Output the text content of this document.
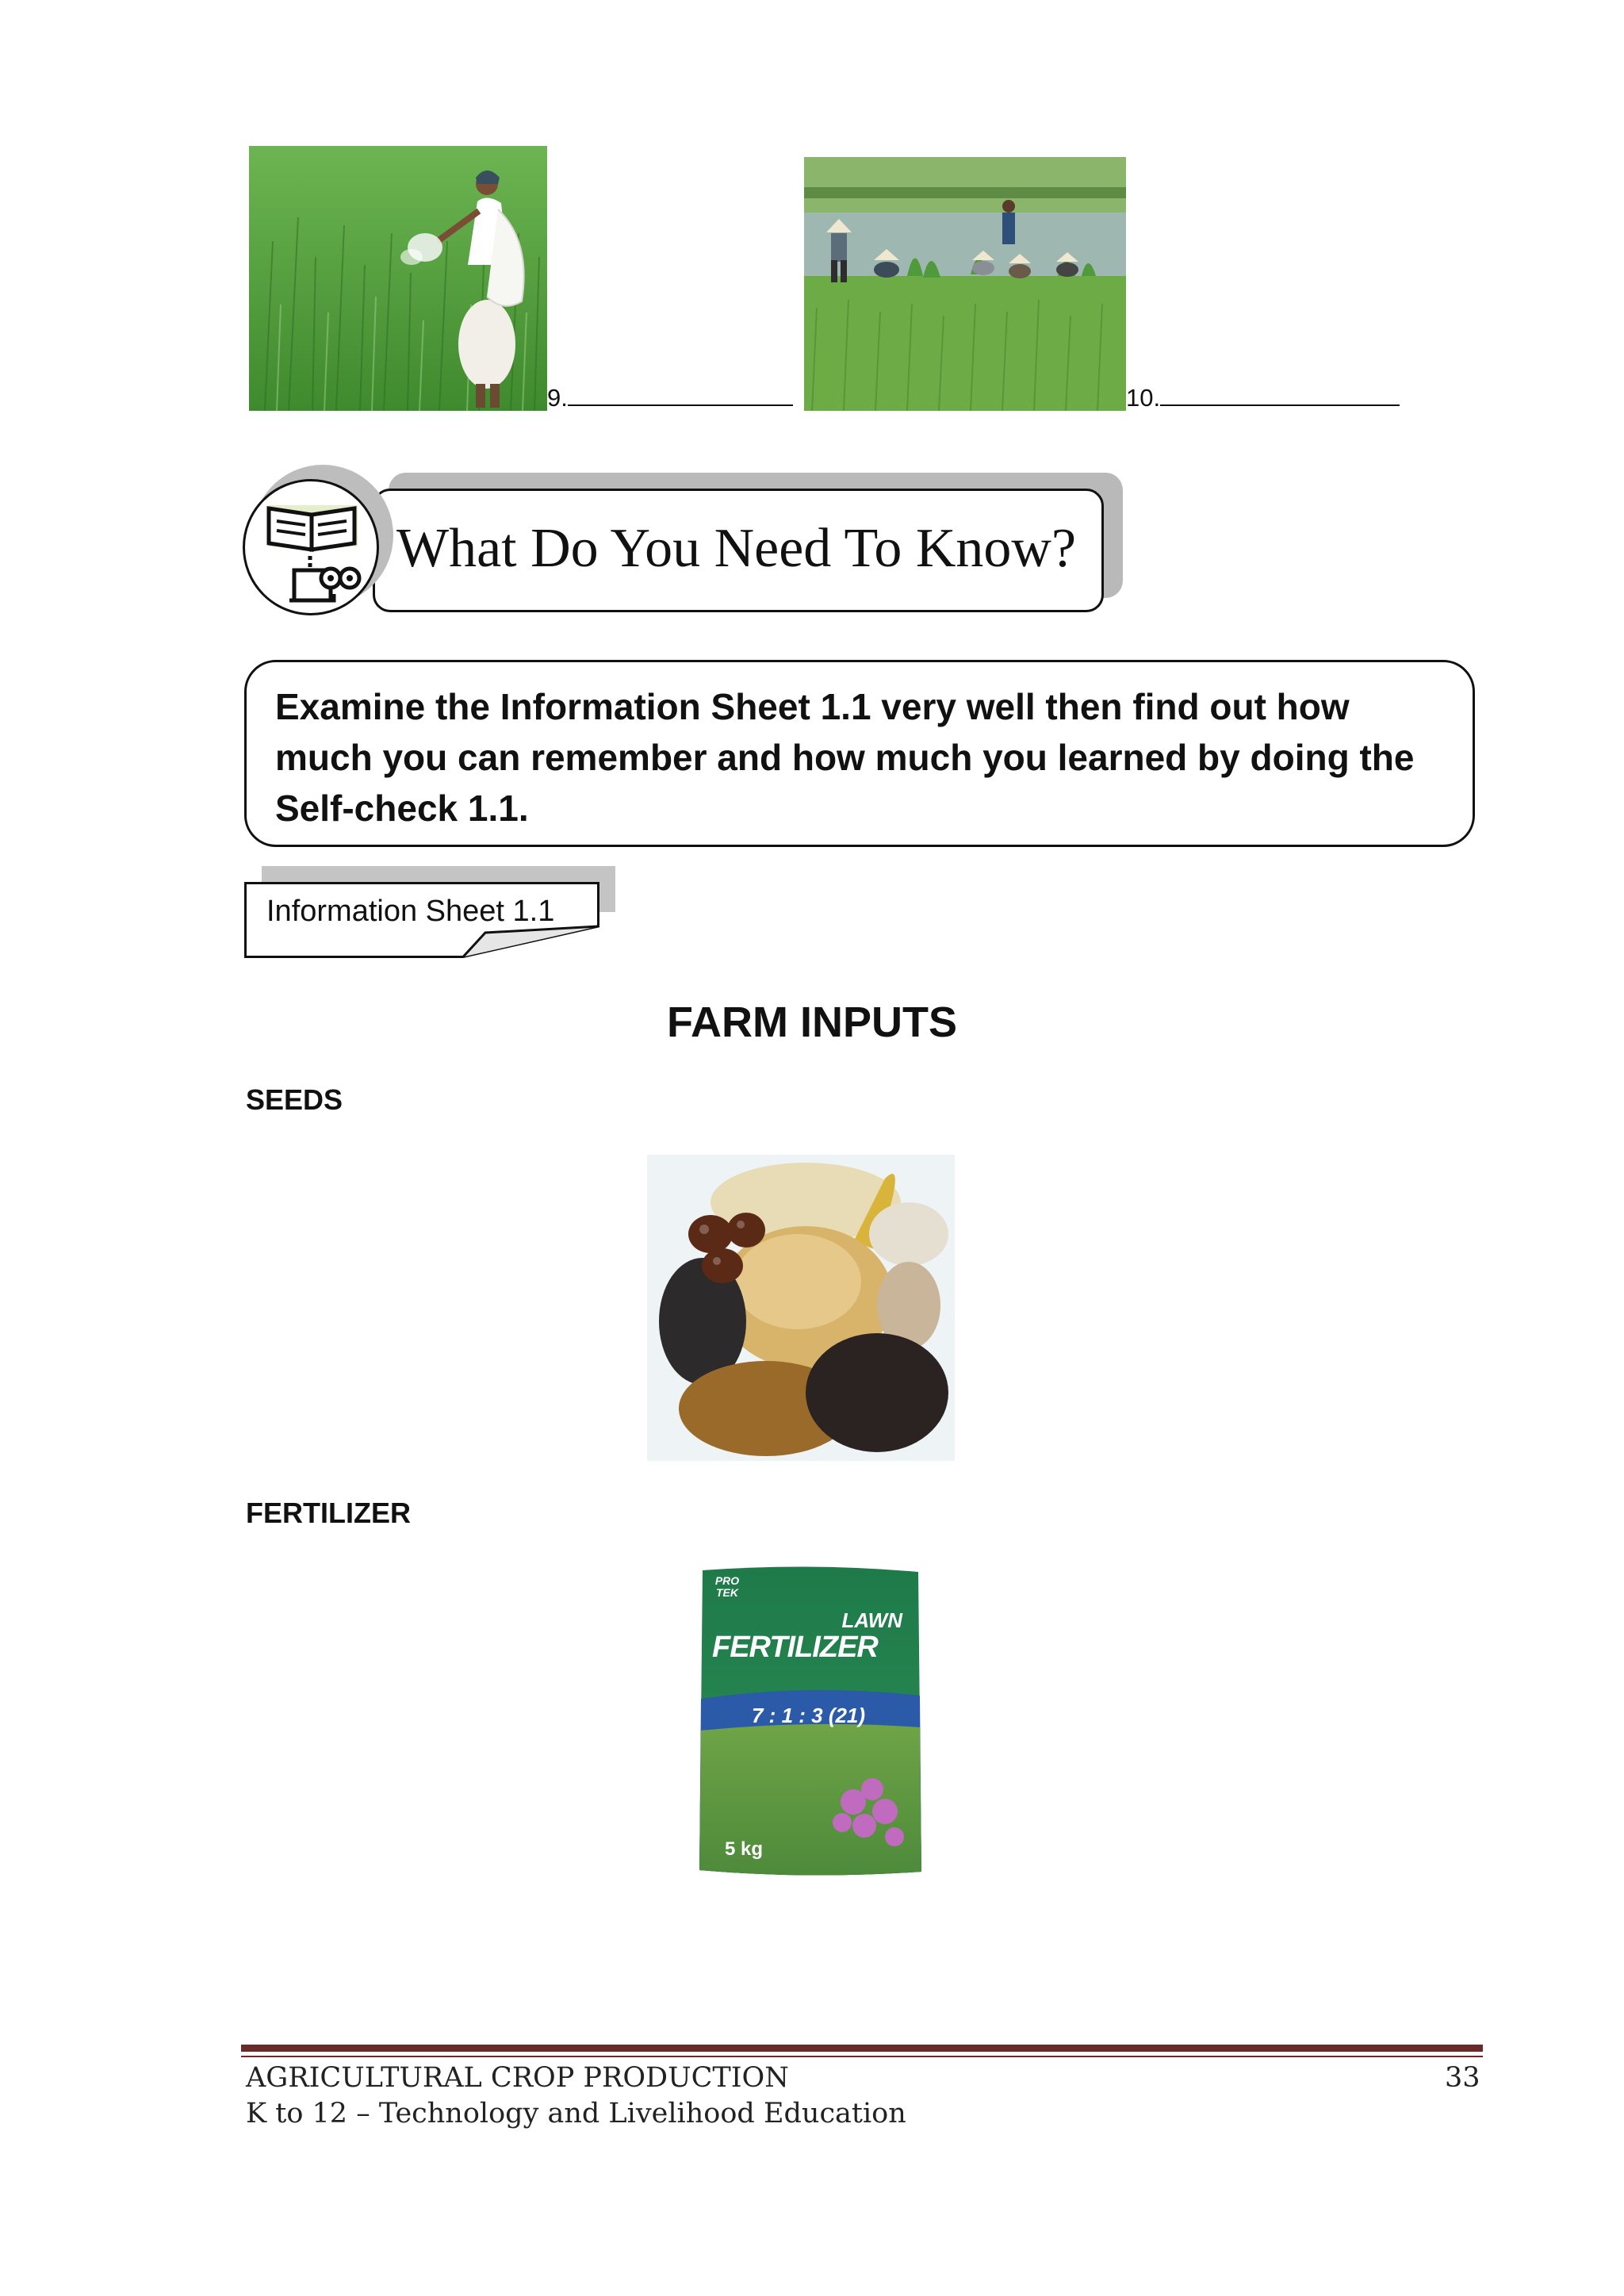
9.	10.
What Do You Need To Know?

Examine the Information Sheet 1.1 very well then find out how much you can remember and how much you learned by doing the Self-check 1.1.

Information Sheet 1.1
FARM INPUTS
SEEDS
FERTILIZER
PRO TEK
LAWN
FERTILIZER
7 : 1 : 3 (21)
5 kg
AGRICULTURAL CROP PRODUCTION
K to 12 – Technology and Livelihood Education
33
